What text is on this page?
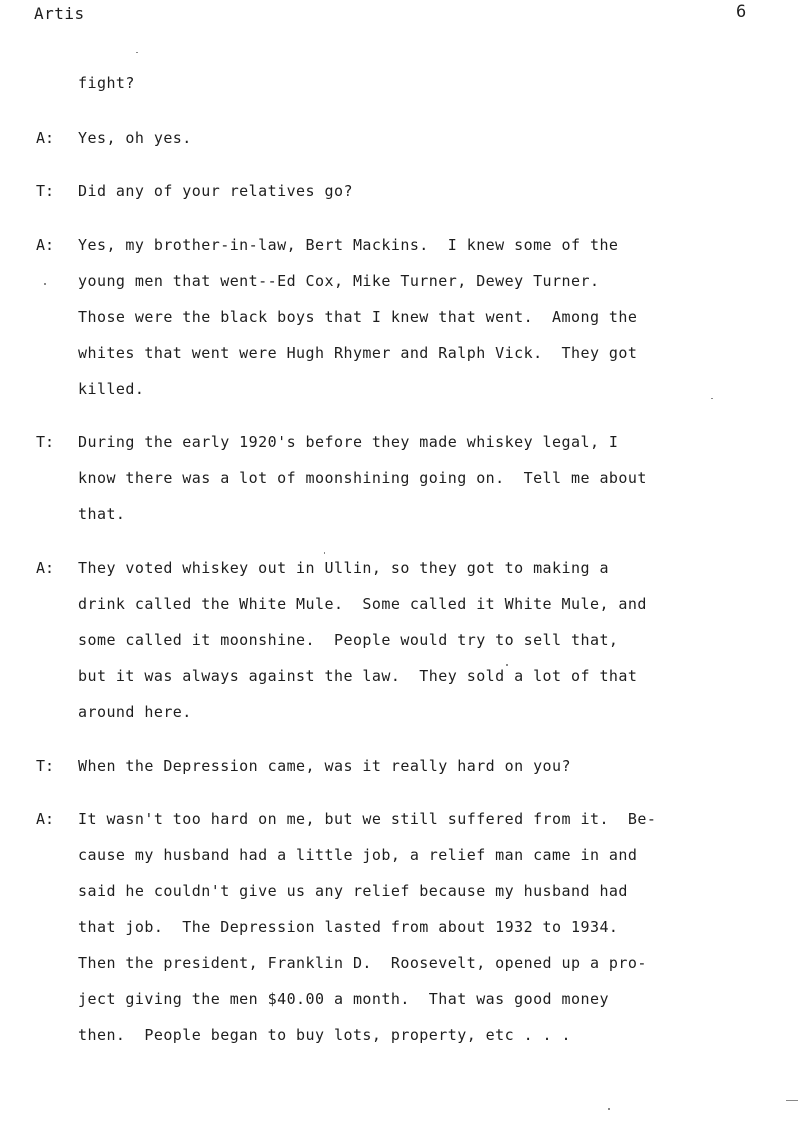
Artis	6
fight?
A: Yes, oh yes.
T: Did any of your relatives go?
A: Yes, my brother-in-law, Bert Mackins.  I knew some of the
young men that went--Ed Cox, Mike Turner, Dewey Turner.
Those were the black boys that I knew that went.  Among the
whites that went were Hugh Rhymer and Ralph Vick.  They got
killed.
T: During the early 1920's before they made whiskey legal, I
know there was a lot of moonshining going on.  Tell me about
that.
A: They voted whiskey out in Ullin, so they got to making a
drink called the White Mule.  Some called it White Mule, and
some called it moonshine.  People would try to sell that,
but it was always against the law.  They sold a lot of that
around here.
T: When the Depression came, was it really hard on you?
A: It wasn't too hard on me, but we still suffered from it.  Be-
cause my husband had a little job, a relief man came in and
said he couldn't give us any relief because my husband had
that job.  The Depression lasted from about 1932 to 1934.
Then the president, Franklin D.  Roosevelt, opened up a pro-
ject giving the men $40.00 a month.  That was good money
then.  People began to buy lots, property, etc . . .
